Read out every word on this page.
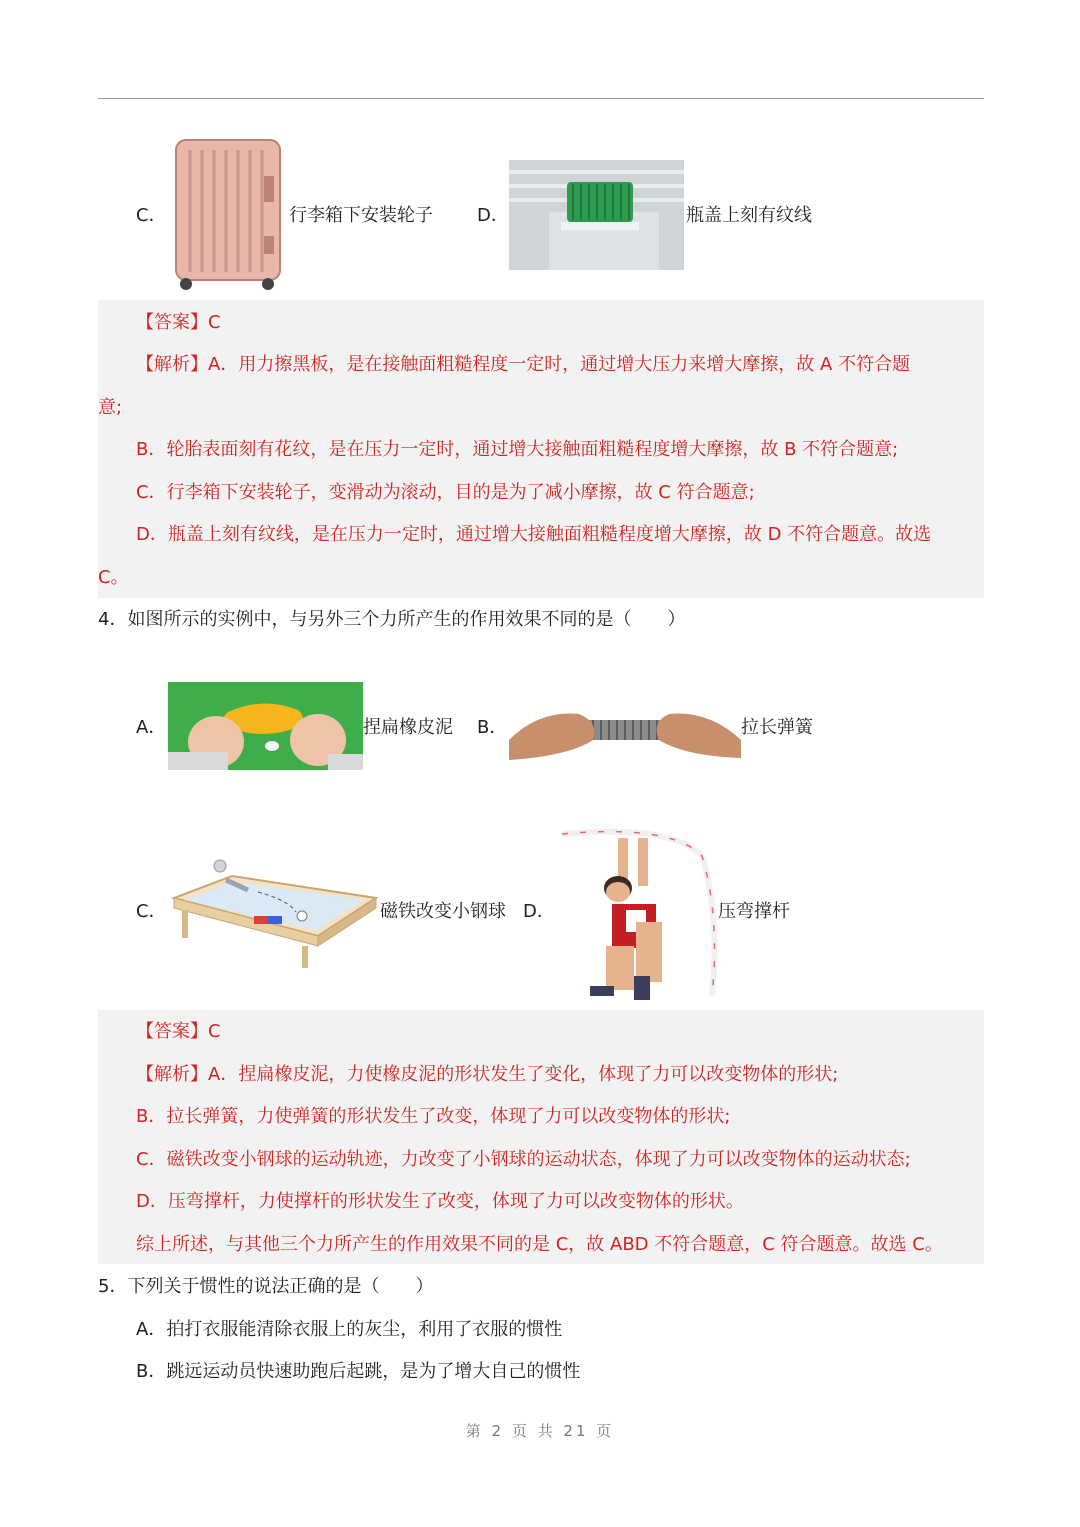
C．	行李箱下安装轮子 D．	瓶盖上刻有纹线
【答案】C
【解析】A．用力擦黑板，是在接触面粗糙程度一定时，通过增大压力来增大摩擦，故 A 不符合题
意;
B．轮胎表面刻有花纹，是在压力一定时，通过增大接触面粗糙程度增大摩擦，故 B 不符合题意;
C．行李箱下安装轮子，变滑动为滚动，目的是为了减小摩擦，故 C 符合题意;
D．瓶盖上刻有纹线，是在压力一定时，通过增大接触面粗糙程度增大摩擦，故 D 不符合题意。故选
C。
4．如图所示的实例中，与另外三个力所产生的作用效果不同的是（　　）
A．	捏扁橡皮泥 B．	拉长弹簧
C．	磁铁改变小钢球 D．	压弯撑杆
【答案】C
【解析】A．捏扁橡皮泥，力使橡皮泥的形状发生了变化，体现了力可以改变物体的形状;
B．拉长弹簧，力使弹簧的形状发生了改变，体现了力可以改变物体的形状;
C．磁铁改变小钢球的运动轨迹，力改变了小钢球的运动状态，体现了力可以改变物体的运动状态;
D．压弯撑杆，力使撑杆的形状发生了改变，体现了力可以改变物体的形状。
综上所述，与其他三个力所产生的作用效果不同的是 C，故 ABD 不符合题意，C 符合题意。故选 C。
5．下列关于惯性的说法正确的是（　　）
A．拍打衣服能清除衣服上的灰尘，利用了衣服的惯性
B．跳远运动员快速助跑后起跳，是为了增大自己的惯性
第 2 页 共 21 页
